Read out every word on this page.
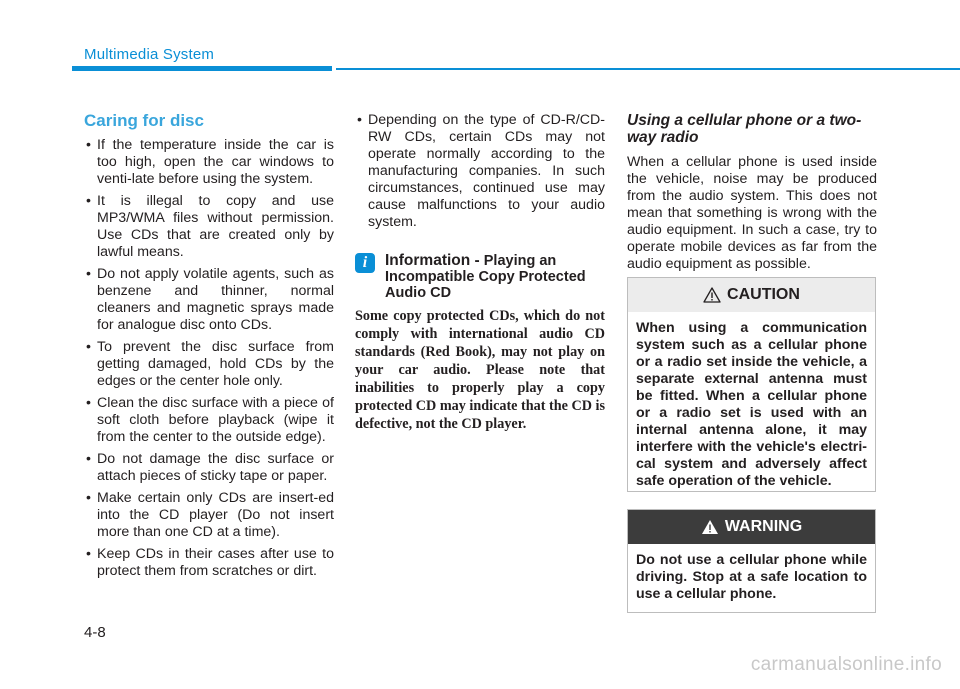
Multimedia System
Caring for disc
• If the temperature inside the car is too high, open the car windows to venti-late before using the system.
• It is illegal to copy and use MP3/WMA files without permission. Use CDs that are created only by lawful means.
• Do not apply volatile agents, such as benzene and thinner, normal cleaners and magnetic sprays made for analogue disc onto CDs.
• To prevent the disc surface from getting damaged, hold CDs by the edges or the center hole only.
• Clean the disc surface with a piece of soft cloth before playback (wipe it from the center to the outside edge).
• Do not damage the disc surface or attach pieces of sticky tape or paper.
• Make certain only CDs are insert-ed into the CD player (Do not insert more than one CD at a time).
• Keep CDs in their cases after use to protect them from scratches or dirt.
• Depending on the type of CD-R/CD-RW CDs, certain CDs may not operate normally according to the manufacturing companies. In such circumstances, continued use may cause malfunctions to your audio system.
i	Information - Playing an Incompatible Copy Protected Audio CD

Some copy protected CDs, which do not comply with international audio CD standards (Red Book), may not play on your car audio. Please note that inabilities to properly play a copy protected CD may indicate that the CD is defective, not the CD player.

Using a cellular phone or a two-way radio

When a cellular phone is used inside the vehicle, noise may be produced from the audio system. This does not mean that something is wrong with the audio equipment. In such a case, try to operate mobile devices as far from the audio equipment as possible.

CAUTION
When using a communication system such as a cellular phone or a radio set inside the vehicle, a separate external antenna must be fitted. When a cellular phone or a radio set is used with an internal antenna alone, it may interfere with the vehicle's electri-cal system and adversely affect safe operation of the vehicle.
WARNING
Do not use a cellular phone while driving. Stop at a safe location to use a cellular phone.
4-8
carmanualsonline.info
